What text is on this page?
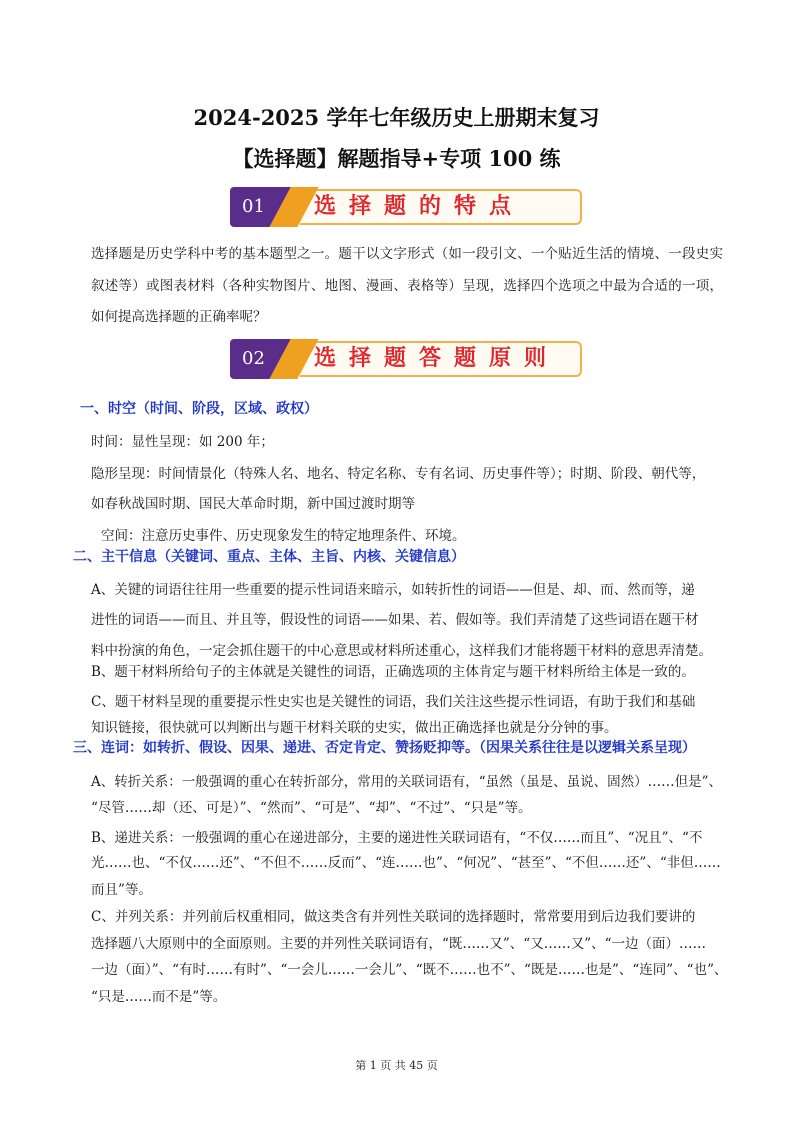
2024-2025 学年七年级历史上册期末复习
【选择题】解题指导+专项 100 练
01	选择题的特点
选择题是历史学科中考的基本题型之一。题干以文字形式（如一段引文、一个贴近生活的情境、一段史实叙述等）或图表材料（各种实物图片、地图、漫画、表格等）呈现，选择四个选项之中最为合适的一项，如何提高选择题的正确率呢？
02	选择题答题原则
一、时空（时间、阶段，区域、政权）
时间：显性呈现：如 200 年；
隐形呈现：时间情景化（特殊人名、地名、特定名称、专有名词、历史事件等）；时期、阶段、朝代等，
如春秋战国时期、国民大革命时期，新中国过渡时期等
空间：注意历史事件、历史现象发生的特定地理条件、环境。
二、主干信息（关键词、重点、主体、主旨、内核、关键信息）
A、关键的词语往往用一些重要的提示性词语来暗示，如转折性的词语——但是、却、而、然而等，递
进性的词语——而且、并且等，假设性的词语——如果、若、假如等。我们弄清楚了这些词语在题干材
料中扮演的角色，一定会抓住题干的中心意思或材料所述重心，这样我们才能将题干材料的意思弄清楚。
B、题干材料所给句子的主体就是关键性的词语，正确选项的主体肯定与题干材料所给主体是一致的。
C、题干材料呈现的重要提示性史实也是关键性的词语，我们关注这些提示性词语，有助于我们和基础
知识链接，很快就可以判断出与题干材料关联的史实，做出正确选择也就是分分钟的事。
三、连词：如转折、假设、因果、递进、否定肯定、赞扬贬抑等。（因果关系往往是以逻辑关系呈现）
A、转折关系：一般强调的重心在转折部分，常用的关联词语有，“虽然（虽是、虽说、固然）……但是”、
“尽管……却（还、可是）”、“然而”、“可是”、“却”、“不过”、“只是”等。
B、递进关系：一般强调的重心在递进部分，主要的递进性关联词语有，“不仅……而且”、“况且”、“不
光……也、“不仅……还”、“不但不……反而”、“连……也”、“何况”、“甚至”、“不但……还”、“非但……
而且”等。
C、并列关系：并列前后权重相同，做这类含有并列性关联词的选择题时，常常要用到后边我们要讲的
选择题八大原则中的全面原则。主要的并列性关联词语有，“既……又”、“又……又”、“一边（面）……
一边（面）”、“有时……有时”、“一会儿……一会儿”、“既不……也不”、“既是……也是”、“连同”、“也”、
“只是……而不是”等。
第 1 页 共 45 页
